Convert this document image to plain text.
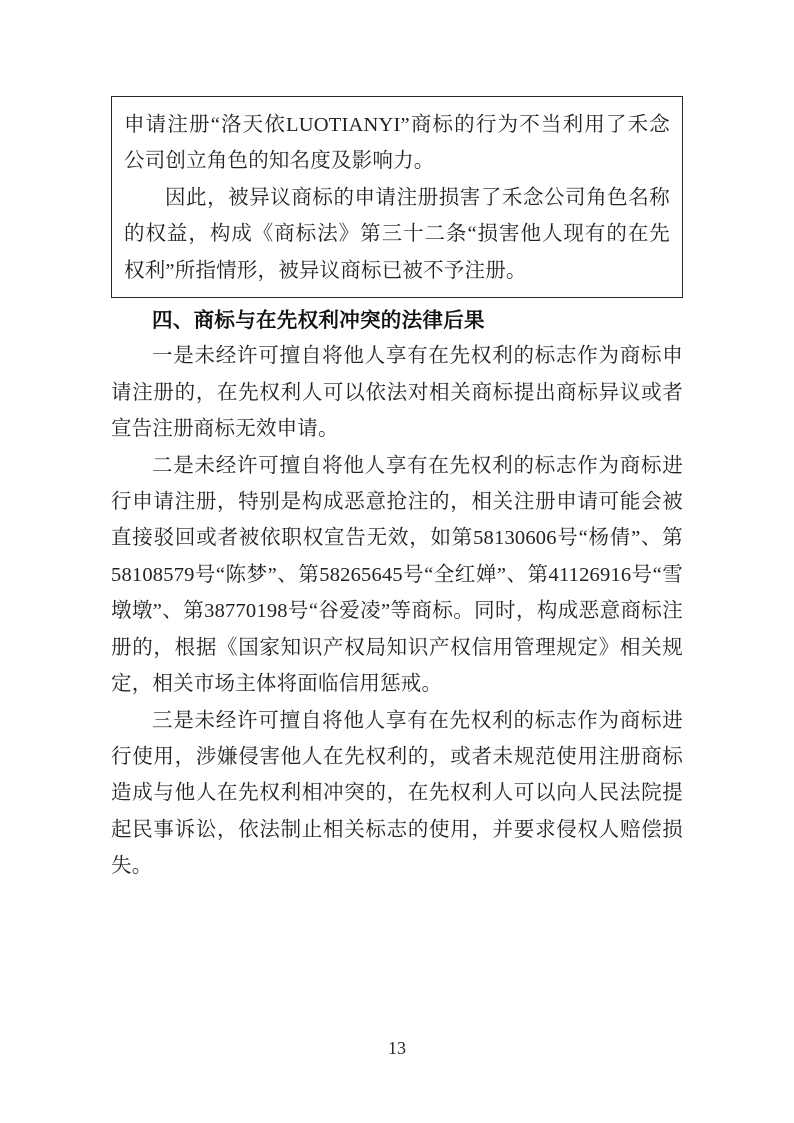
申请注册“洛天依LUOTIANYI”商标的行为不当利用了禾念公司创立角色的知名度及影响力。

因此，被异议商标的申请注册损害了禾念公司角色名称的权益，构成《商标法》第三十二条“损害他人现有的在先权利”所指情形，被异议商标已被不予注册。

四、商标与在先权利冲突的法律后果

一是未经许可擅自将他人享有在先权利的标志作为商标申请注册的，在先权利人可以依法对相关商标提出商标异议或者宣告注册商标无效申请。

二是未经许可擅自将他人享有在先权利的标志作为商标进行申请注册，特别是构成恶意抢注的，相关注册申请可能会被直接驳回或者被依职权宣告无效，如第58130606号“杨倩”、第58108579号“陈梦”、第58265645号“全红婵”、第41126916号“雪墩墩”、第38770198号“谷爱凌”等商标。同时，构成恶意商标注册的，根据《国家知识产权局知识产权信用管理规定》相关规定，相关市场主体将面临信用惩戒。

三是未经许可擅自将他人享有在先权利的标志作为商标进行使用，涉嫌侵害他人在先权利的，或者未规范使用注册商标造成与他人在先权利相冲突的，在先权利人可以向人民法院提起民事诉讼，依法制止相关标志的使用，并要求侵权人赔偿损失。

13
